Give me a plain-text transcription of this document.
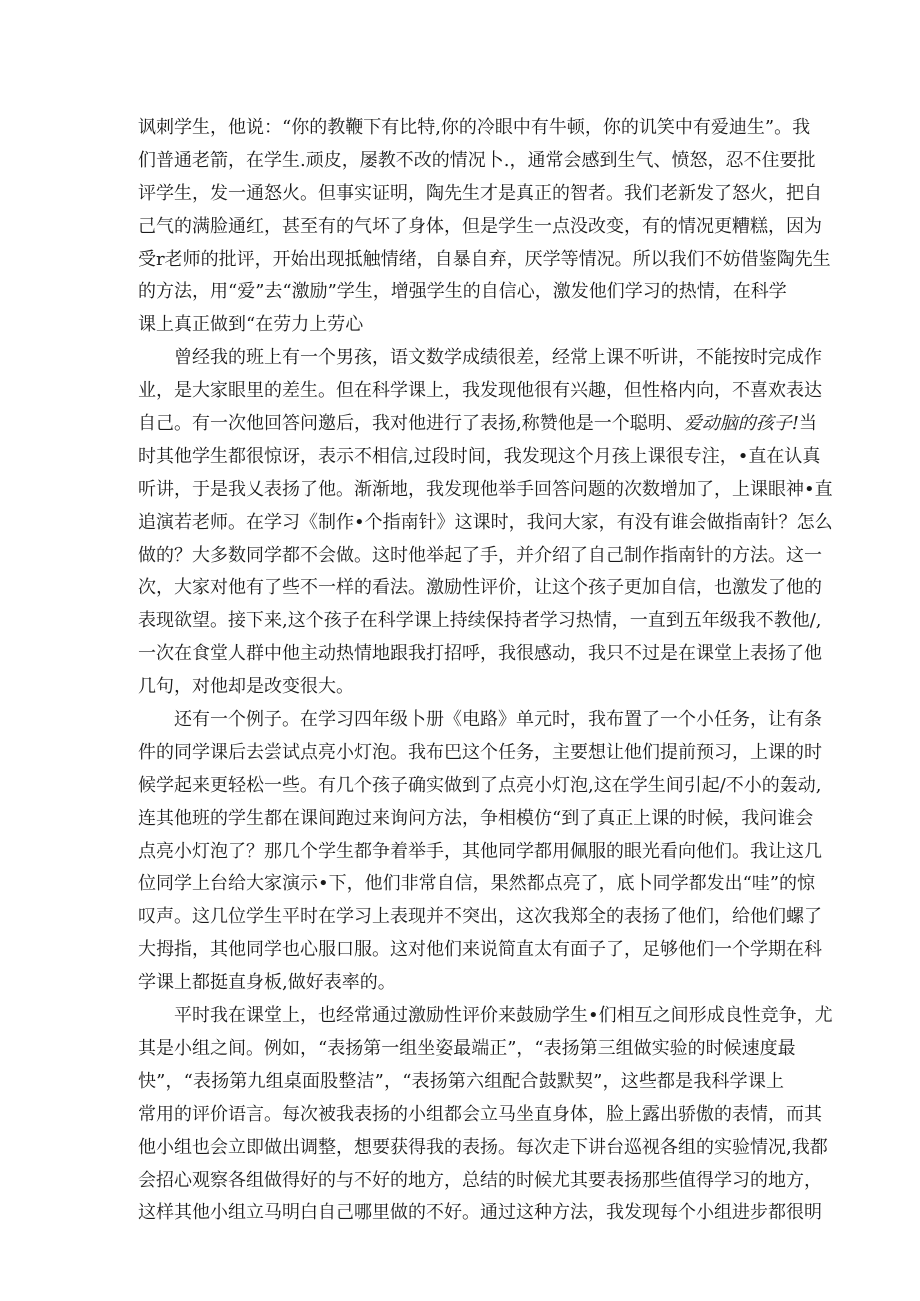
讽刺学生，他说：“你的教鞭下有比特,你的冷眼中有牛顿，你的讥笑中有爱迪生”。我
们普通老箭，在学生.顽皮，屡教不改的情况卜.，通常会感到生气、愤怒，忍不住要批
评学生，发一通怒火。但事实证明，陶先生才是真正的智者。我们老新发了怒火，把自
己气的满脸通红，甚至有的气坏了身体，但是学生一点没改变，有的情况更糟糕，因为
受r老师的批评，开始出现抵触情绪，自暴自弃，厌学等情况。所以我们不妨借鉴陶先生
的方法，用“爱”去“激励”学生，增强学生的自信心，激发他们学习的热情，在科学
课上真正做到“在劳力上劳心
曾经我的班上有一个男孩，语文数学成绩很差，经常上课不听讲，不能按时完成作
业，是大家眼里的差生。但在科学课上，我发现他很有兴趣，但性格内向，不喜欢表达
自己。有一次他回答问邀后，我对他进行了表扬,称赞他是一个聪明、爱动脑的孩子!当
时其他学生都很惊讶，表示不相信,过段时间，我发现这个月孩上课很专注，•直在认真
听讲，于是我乂表扬了他。渐渐地，我发现他举手回答问题的次数增加了，上课眼神•直
追演若老师。在学习《制作•个指南针》这课时，我问大家，有没有谁会做指南针？怎么
做的？大多数同学都不会做。这时他举起了手，并介绍了自己制作指南针的方法。这一
次，大家对他有了些不一样的看法。激励性评价，让这个孩子更加自信，也激发了他的
表现欲望。接下来,这个孩子在科学课上持续保持者学习热情，一直到五年级我不教他/,
一次在食堂人群中他主动热情地跟我打招呼，我很感动，我只不过是在课堂上表扬了他
几句，对他却是改变很大。
还有一个例子。在学习四年级卜册《电路》单元时，我布置了一个小任务，让有条
件的同学课后去尝试点亮小灯泡。我布巴这个任务，主要想让他们提前预习，上课的时
候学起来更轻松一些。有几个孩子确实做到了点亮小灯泡,这在学生间引起/不小的轰动,
连其他班的学生都在课间跑过来询问方法，争相模仿“到了真正上课的时候，我问谁会
点亮小灯泡了？那几个学生都争着举手，其他同学都用佩服的眼光看向他们。我让这几
位同学上台给大家演示•下，他们非常自信，果然都点亮了，底卜同学都发出“哇”的惊
叹声。这几位学生平时在学习上表现并不突出，这次我郑全的表扬了他们，给他们螺了
大拇指，其他同学也心服口服。这对他们来说简直太有面子了，足够他们一个学期在科
学课上都挺直身板,做好表率的。
平时我在课堂上，也经常通过激励性评价来鼓励学生•们相互之间形成良性竞争，尤
其是小组之间。例如，“表扬第一组坐姿最端正”，“表扬第三组做实验的时候速度最
快”，“表扬第九组桌面股整洁”，“表扬第六组配合鼓默契”，这些都是我科学课上
常用的评价语言。每次被我表扬的小组都会立马坐直身体，脸上露出骄傲的表情，而其
他小组也会立即做出调整，想要获得我的表扬。每次走下讲台巡视各组的实验情况,我都
会招心观察各组做得好的与不好的地方，总结的时候尤其要表扬那些值得学习的地方，
这样其他小组立马明白自己哪里做的不好。通过这种方法，我发现每个小组进步都很明
